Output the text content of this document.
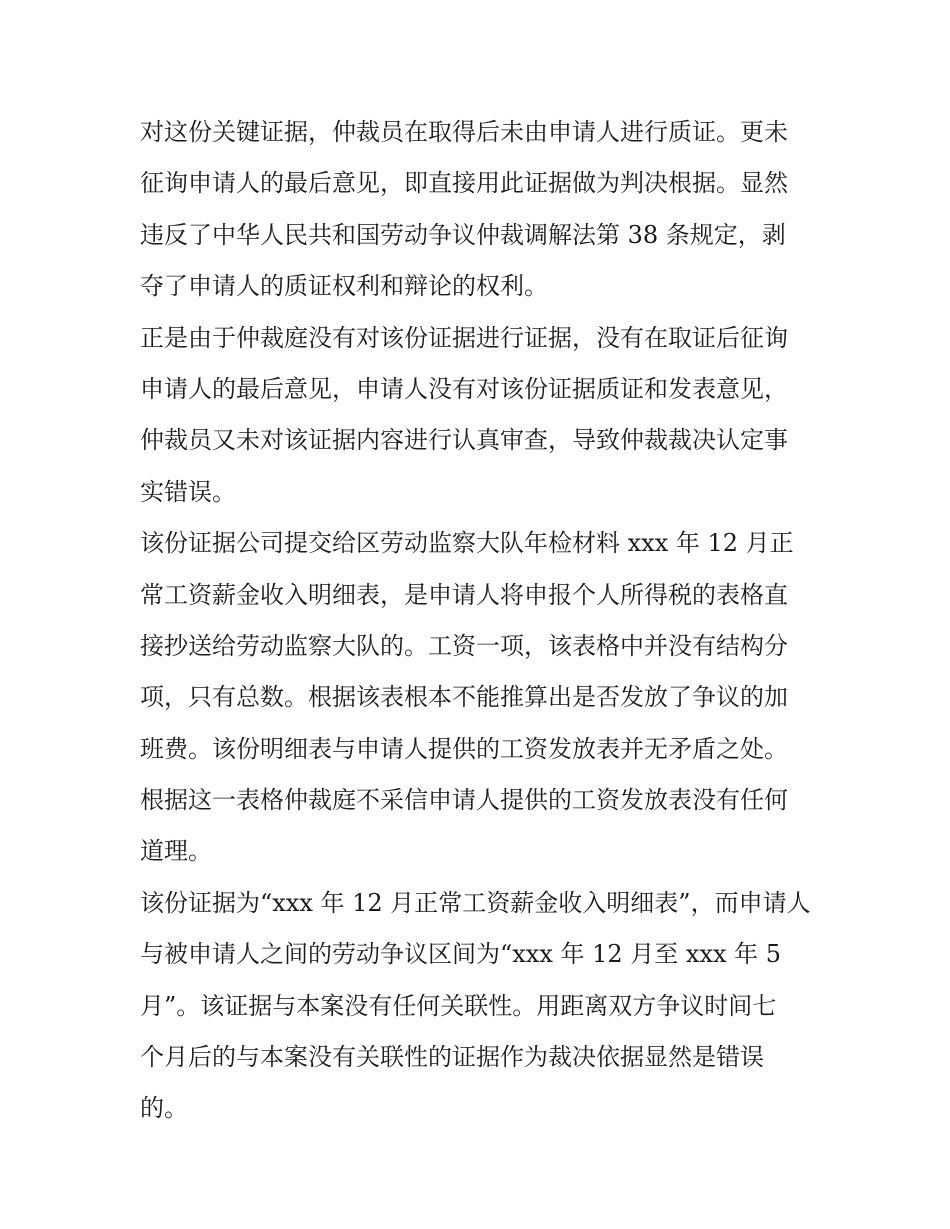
对这份关键证据，仲裁员在取得后未由申请人进行质证。更未
征询申请人的最后意见，即直接用此证据做为判决根据。显然
违反了中华人民共和国劳动争议仲裁调解法第 38 条规定，剥
夺了申请人的质证权利和辩论的权利。
正是由于仲裁庭没有对该份证据进行证据，没有在取证后征询
申请人的最后意见，申请人没有对该份证据质证和发表意见，
仲裁员又未对该证据内容进行认真审查，导致仲裁裁决认定事
实错误。
该份证据公司提交给区劳动监察大队年检材料 xxx 年 12 月正
常工资薪金收入明细表，是申请人将申报个人所得税的表格直
接抄送给劳动监察大队的。工资一项，该表格中并没有结构分
项，只有总数。根据该表根本不能推算出是否发放了争议的加
班费。该份明细表与申请人提供的工资发放表并无矛盾之处。
根据这一表格仲裁庭不采信申请人提供的工资发放表没有任何
道理。
该份证据为“xxx 年 12 月正常工资薪金收入明细表”，而申请人
与被申请人之间的劳动争议区间为“xxx 年 12 月至 xxx 年 5
月”。该证据与本案没有任何关联性。用距离双方争议时间七
个月后的与本案没有关联性的证据作为裁决依据显然是错误
的。
